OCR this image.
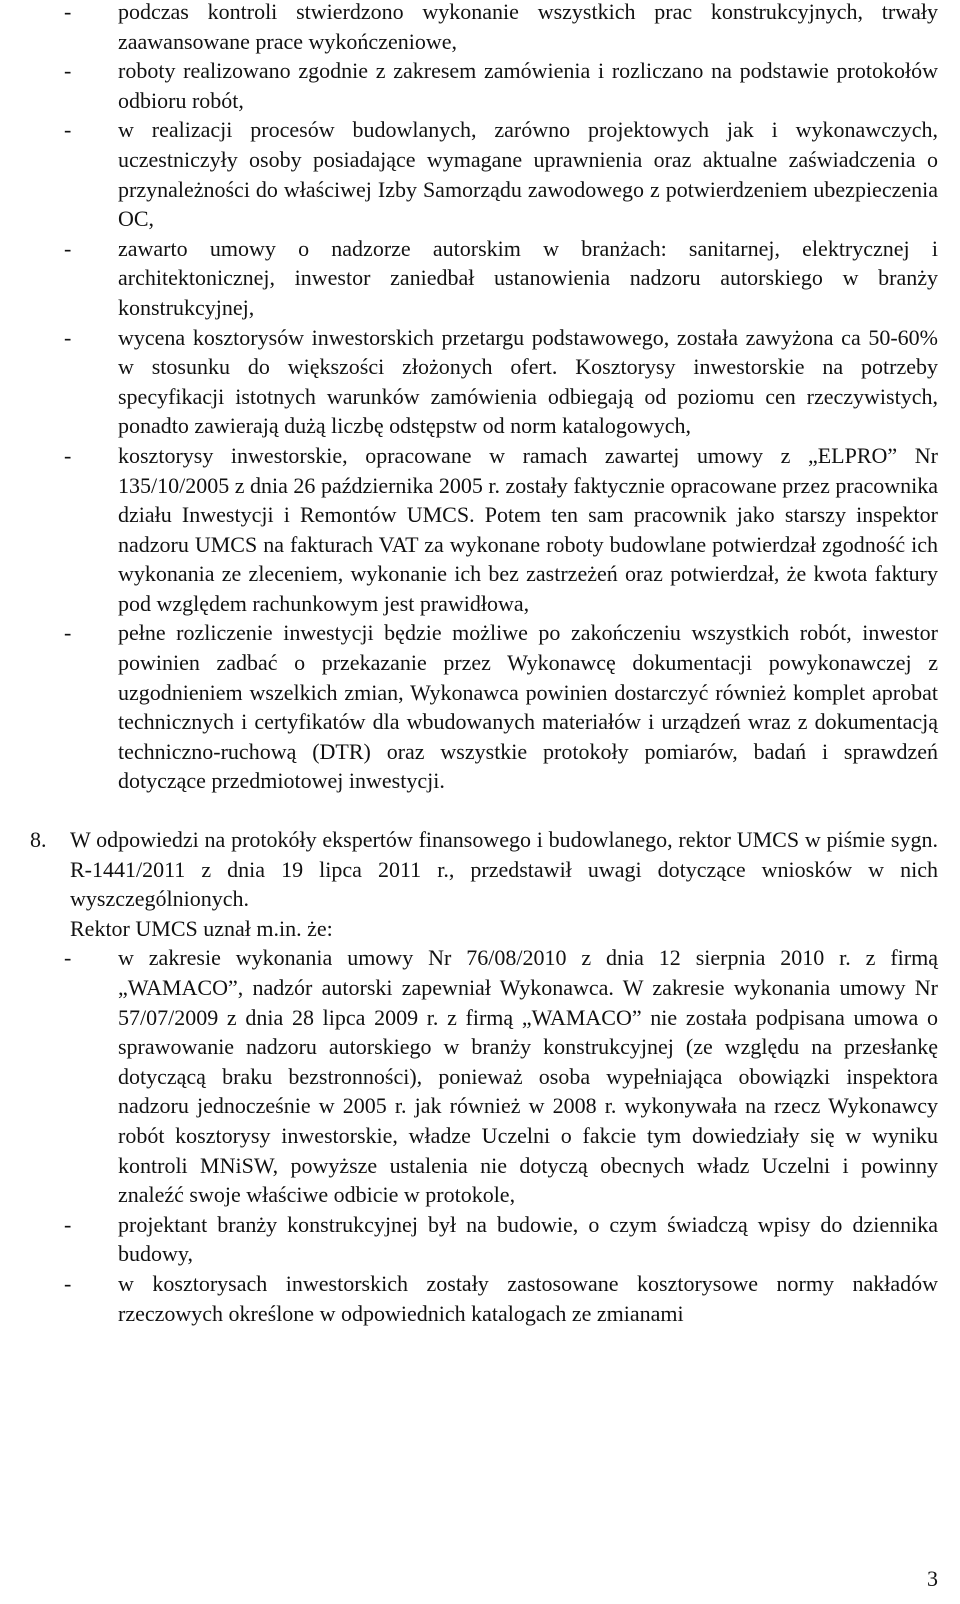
- podczas kontroli stwierdzono wykonanie wszystkich prac konstrukcyjnych, trwały zaawansowane prace wykończeniowe,
- roboty realizowano zgodnie z zakresem zamówienia i rozliczano na podstawie protokołów odbioru robót,
- w realizacji procesów budowlanych, zarówno projektowych jak i wykonawczych, uczestniczyły osoby posiadające wymagane uprawnienia oraz aktualne zaświadczenia o przynależności do właściwej Izby Samorządu zawodowego z potwierdzeniem ubezpieczenia OC,
- zawarto umowy o nadzorze autorskim w branżach: sanitarnej, elektrycznej i architektonicznej, inwestor zaniedbał ustanowienia nadzoru autorskiego w branży konstrukcyjnej,
- wycena kosztorysów inwestorskich przetargu podstawowego, została zawyżona ca 50-60% w stosunku do większości złożonych ofert. Kosztorysy inwestorskie na potrzeby specyfikacji istotnych warunków zamówienia odbiegają od poziomu cen rzeczywistych, ponadto zawierają dużą liczbę odstępstw od norm katalogowych,
- kosztorysy inwestorskie, opracowane w ramach zawartej umowy z „ELPRO” Nr 135/10/2005 z dnia 26 października 2005 r. zostały faktycznie opracowane przez pracownika działu Inwestycji i Remontów UMCS. Potem ten sam pracownik jako starszy inspektor nadzoru UMCS na fakturach VAT za wykonane roboty budowlane potwierdzał zgodność ich wykonania ze zleceniem, wykonanie ich bez zastrzeżeń oraz potwierdzał, że kwota faktury pod względem rachunkowym jest prawidłowa,
- pełne rozliczenie inwestycji będzie możliwe po zakończeniu wszystkich robót, inwestor powinien zadbać o przekazanie przez Wykonawcę dokumentacji powykonawczej z uzgodnieniem wszelkich zmian, Wykonawca powinien dostarczyć również komplet aprobat technicznych i certyfikatów dla wbudowanych materiałów i urządzeń wraz z dokumentacją techniczno-ruchową (DTR) oraz wszystkie protokoły pomiarów, badań i sprawdzeń dotyczące przedmiotowej inwestycji.
8. W odpowiedzi na protokóły ekspertów finansowego i budowlanego, rektor UMCS w piśmie sygn. R-1441/2011 z dnia 19 lipca 2011 r., przedstawił uwagi dotyczące wniosków w nich wyszczególnionych.
Rektor UMCS uznał m.in. że:
- w zakresie wykonania umowy Nr 76/08/2010 z dnia 12 sierpnia 2010 r. z firmą „WAMACO”, nadzór autorski zapewniał Wykonawca. W zakresie wykonania umowy Nr 57/07/2009 z dnia 28 lipca 2009 r. z firmą „WAMACO” nie została podpisana umowa o sprawowanie nadzoru autorskiego w branży konstrukcyjnej (ze względu na przesłankę dotyczącą braku bezstronności), ponieważ osoba wypełniająca obowiązki inspektora nadzoru jednocześnie w 2005 r. jak również w 2008 r. wykonywała na rzecz Wykonawcy robót kosztorysy inwestorskie, władze Uczelni o fakcie tym dowiedziały się w wyniku kontroli MNiSW, powyższe ustalenia nie dotyczą obecnych władz Uczelni i powinny znaleźć swoje właściwe odbicie w protokole,
- projektant branży konstrukcyjnej był na budowie, o czym świadczą wpisy do dziennika budowy,
- w kosztorysach inwestorskich zostały zastosowane kosztorysowe normy nakładów rzeczowych określone w odpowiednich katalogach ze zmianami
3
